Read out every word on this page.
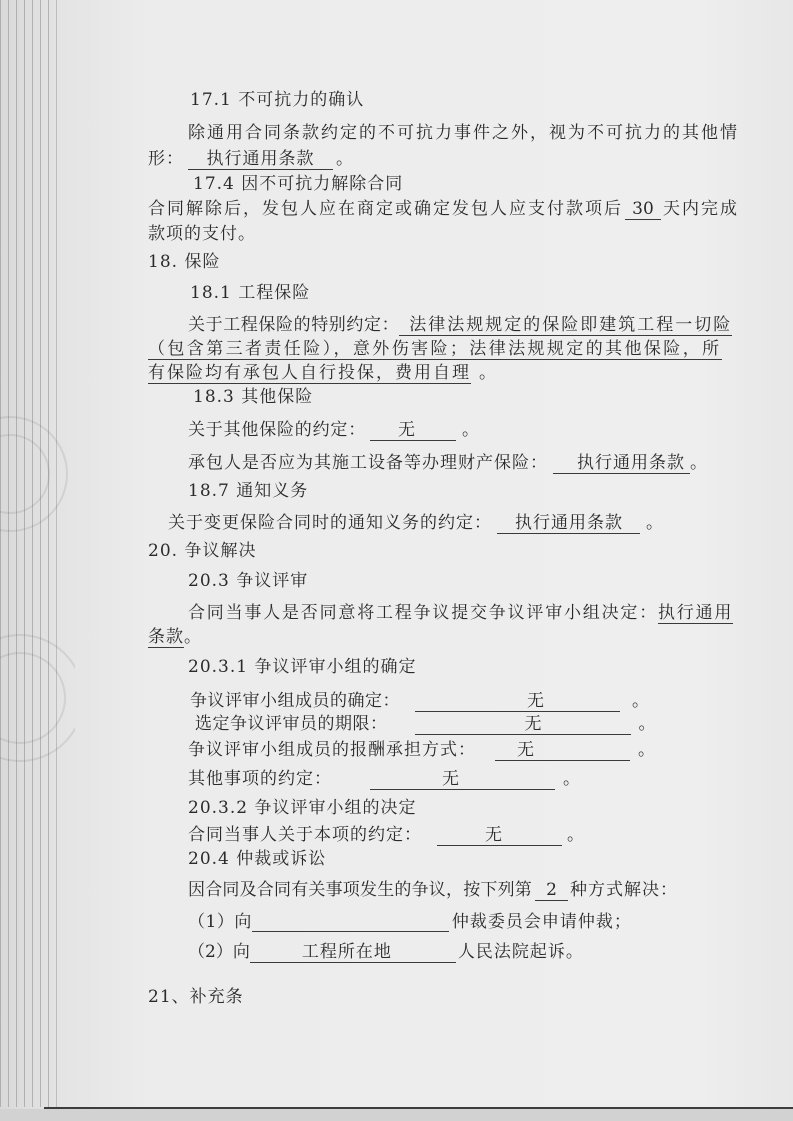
17.1 不可抗力的确认
除通用合同条款约定的不可抗力事件之外，视为不可抗力的其他情
形： 执行通用条款 。
17.4 因不可抗力解除合同
合同解除后，发包人应在商定或确定发包人应支付款项后 30 天内完成
款项的支付。
18. 保险
18.1 工程保险
关于工程保险的特别约定： 法律法规规定的保险即建筑工程一切险
（包含第三者责任险），意外伤害险；法律法规规定的其他保险，所
有保险均有承包人自行投保，费用自理 。
18.3 其他保险
关于其他保险的约定： 无	。
承包人是否应为其施工设备等办理财产保险： 执行通用条款 。
18.7 通知义务
关于变更保险合同时的通知义务的约定： 执行通用条款 。
20. 争议解决
20.3 争议评审
合同当事人是否同意将工程争议提交争议评审小组决定：执行通用
条款。
20.3.1 争议评审小组的确定
争议评审小组成员的确定：	无	。
选定争议评审员的期限：	无	。
争议评审小组成员的报酬承担方式： 无	。
其他事项的约定：	无	。
20.3.2 争议评审小组的决定
合同当事人关于本项的约定：	无	。
20.4 仲裁或诉讼
因合同及合同有关事项发生的争议，按下列第 2 种方式解决：
（1）向	仲裁委员会申请仲裁；
（2）向	工程所在地	人民法院起诉。
21、补充条
